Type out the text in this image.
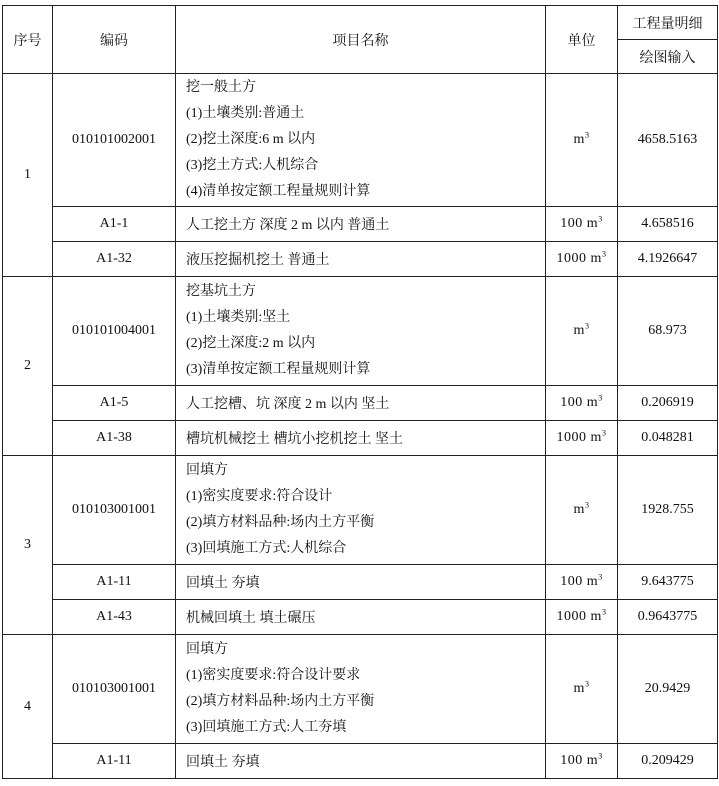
序号	编码	项目名称	单位	工程量明细
				绘图输入
1	010101002001	挖一般土方
(1)土壤类别:普通土
(2)挖土深度:6 m 以内
(3)挖土方式:人机综合
(4)清单按定额工程量规则计算	$m^3$	4658.5163
	A1-1	人工挖土方 深度 2 m 以内 普通土	100 $m^3$	4.658516
	A1-32	液压挖掘机挖土 普通土	1000 $m^3$	4.1926647
2	010101004001	挖基坑土方
(1)土壤类别:坚土
(2)挖土深度:2 m 以内
(3)清单按定额工程量规则计算	$m^3$	68.973
	A1-5	人工挖槽、坑 深度 2 m 以内 坚土	100 $m^3$	0.206919
	A1-38	槽坑机械挖土 槽坑小挖机挖土 坚土	1000 $m^3$	0.048281
3	010103001001	回填方
(1)密实度要求:符合设计
(2)填方材料品种:场内土方平衡
(3)回填施工方式:人机综合	$m^3$	1928.755
	A1-11	回填土 夯填	100 $m^3$	9.643775
	A1-43	机械回填土 填土碾压	1000 $m^3$	0.9643775
4	010103001001	回填方
(1)密实度要求:符合设计要求
(2)填方材料品种:场内土方平衡
(3)回填施工方式:人工夯填	$m^3$	20.9429
	A1-11	回填土 夯填	100 $m^3$	0.209429
